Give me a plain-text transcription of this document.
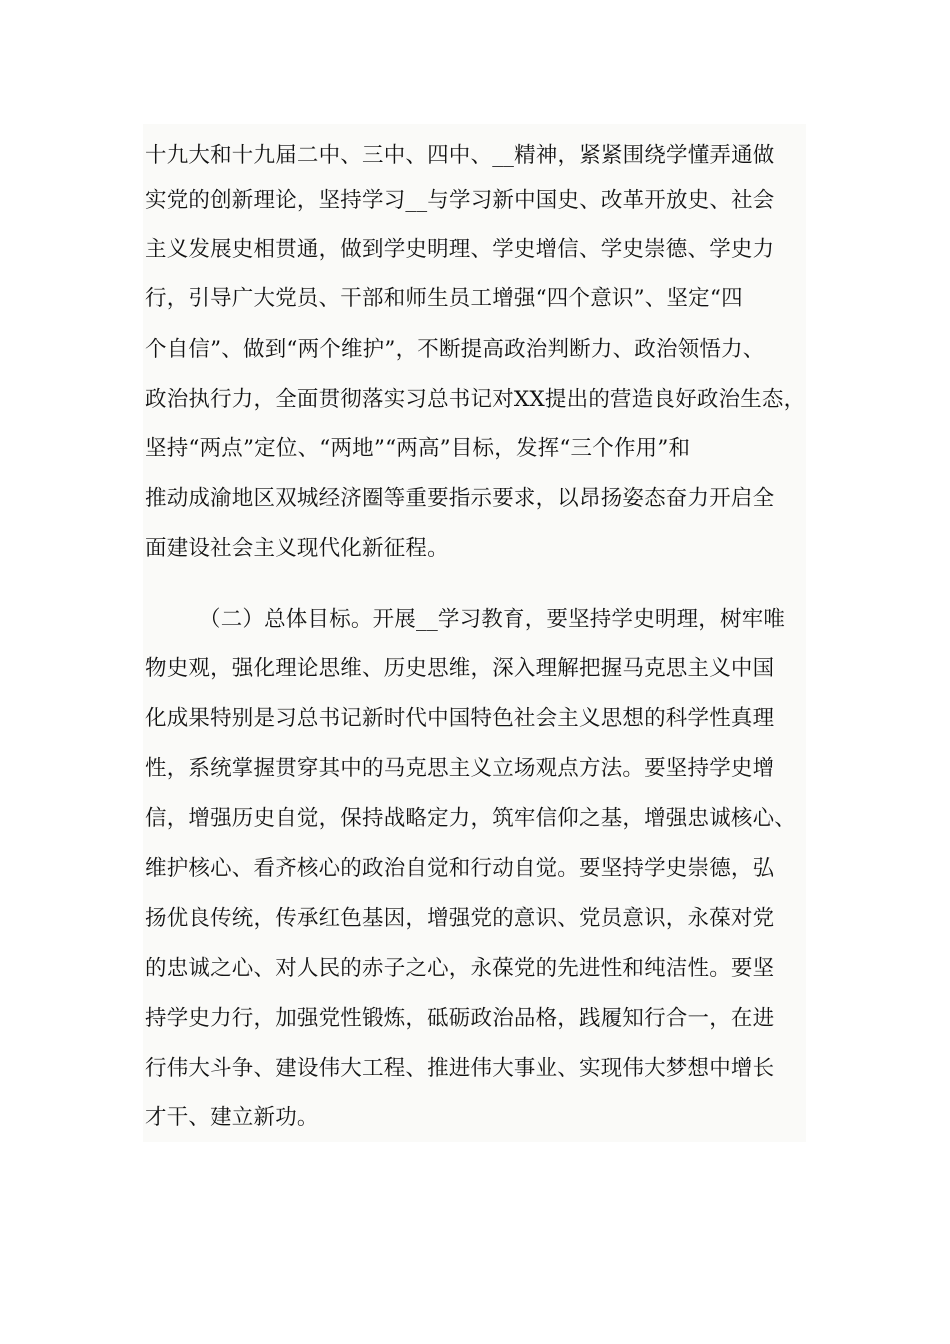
十九大和十九届二中、三中、四中、__精神，紧紧围绕学懂弄通做
实党的创新理论，坚持学习__与学习新中国史、改革开放史、社会
主义发展史相贯通，做到学史明理、学史增信、学史崇德、学史力
行，引导广大党员、干部和师生员工增强“四个意识”、坚定“四
个自信”、做到“两个维护”，不断提高政治判断力、政治领悟力、
政治执行力，全面贯彻落实习总书记对XX提出的营造良好政治生态，
坚持“两点”定位、“两地”“两高”目标，发挥“三个作用”和
推动成渝地区双城经济圈等重要指示要求，以昂扬姿态奋力开启全
面建设社会主义现代化新征程。
（二）总体目标。开展__学习教育，要坚持学史明理，树牢唯
物史观，强化理论思维、历史思维，深入理解把握马克思主义中国
化成果特别是习总书记新时代中国特色社会主义思想的科学性真理
性，系统掌握贯穿其中的马克思主义立场观点方法。要坚持学史增
信，增强历史自觉，保持战略定力，筑牢信仰之基，增强忠诚核心、
维护核心、看齐核心的政治自觉和行动自觉。要坚持学史崇德，弘
扬优良传统，传承红色基因，增强党的意识、党员意识，永葆对党
的忠诚之心、对人民的赤子之心，永葆党的先进性和纯洁性。要坚
持学史力行，加强党性锻炼，砥砺政治品格，践履知行合一，在进
行伟大斗争、建设伟大工程、推进伟大事业、实现伟大梦想中增长
才干、建立新功。
